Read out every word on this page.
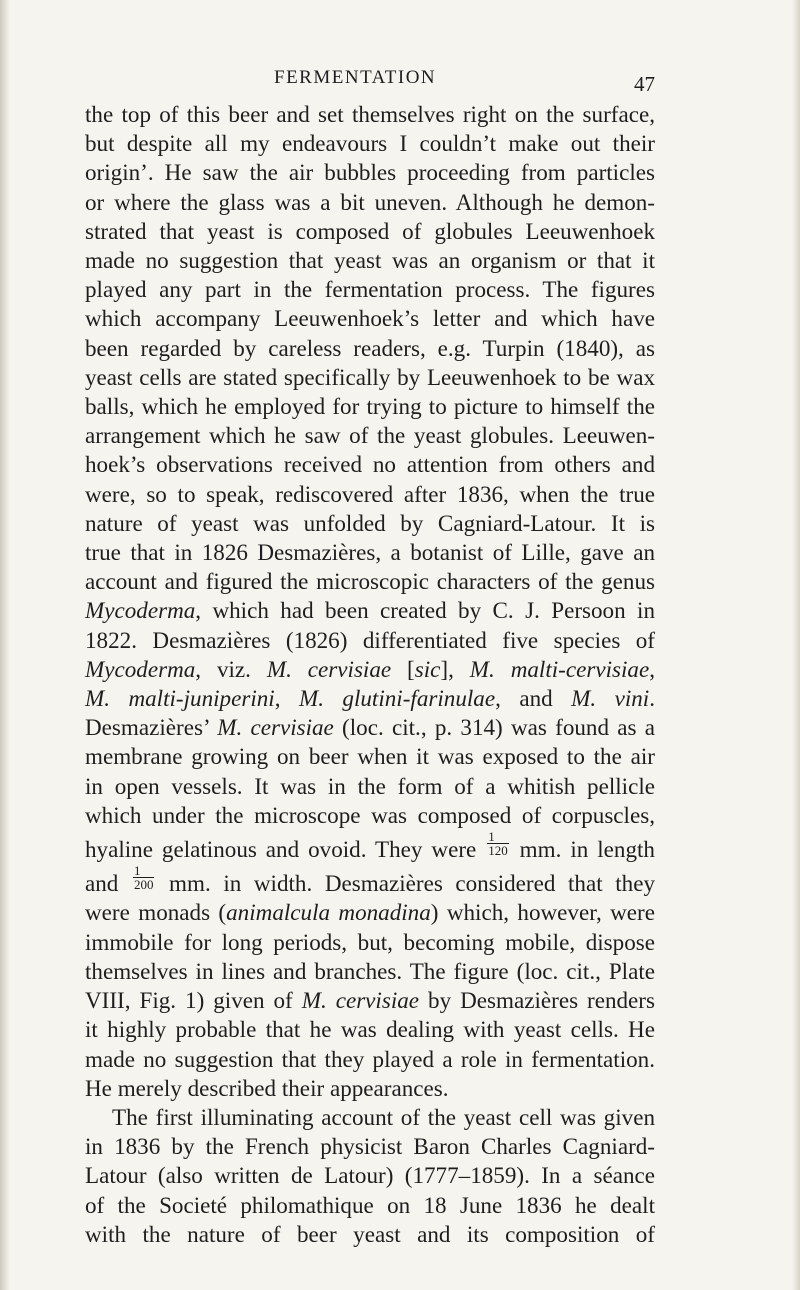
FERMENTATION	47
the top of this beer and set themselves right on the surface,
but despite all my endeavours I couldn’t make out their
origin’. He saw the air bubbles proceeding from particles
or where the glass was a bit uneven. Although he demon-
strated that yeast is composed of globules Leeuwenhoek
made no suggestion that yeast was an organism or that it
played any part in the fermentation process. The figures
which accompany Leeuwenhoek’s letter and which have
been regarded by careless readers, e.g. Turpin (1840), as
yeast cells are stated specifically by Leeuwenhoek to be wax
balls, which he employed for trying to picture to himself the
arrangement which he saw of the yeast globules. Leeuwen-
hoek’s observations received no attention from others and
were, so to speak, rediscovered after 1836, when the true
nature of yeast was unfolded by Cagniard-Latour. It is
true that in 1826 Desmazières, a botanist of Lille, gave an
account and figured the microscopic characters of the genus
Mycoderma, which had been created by C. J. Persoon in
1822. Desmazières (1826) differentiated five species of
Mycoderma, viz. M. cervisiae [sic], M. malti-cervisiae,
M. malti-juniperini, M. glutini-farinulae, and M. vini.
Desmazières’ M. cervisiae (loc. cit., p. 314) was found as a
membrane growing on beer when it was exposed to the air
in open vessels. It was in the form of a whitish pellicle
which under the microscope was composed of corpuscles,
hyaline gelatinous and ovoid. They were $\frac{1}{120}$ mm. in length
and $\frac{1}{200}$ mm. in width. Desmazières considered that they
were monads (animalcula monadina) which, however, were
immobile for long periods, but, becoming mobile, dispose
themselves in lines and branches. The figure (loc. cit., Plate
VIII, Fig. 1) given of M. cervisiae by Desmazières renders
it highly probable that he was dealing with yeast cells. He
made no suggestion that they played a role in fermentation.
He merely described their appearances.
The first illuminating account of the yeast cell was given
in 1836 by the French physicist Baron Charles Cagniard-
Latour (also written de Latour) (1777–1859). In a séance
of the Societé philomathique on 18 June 1836 he dealt
with the nature of beer yeast and its composition of
